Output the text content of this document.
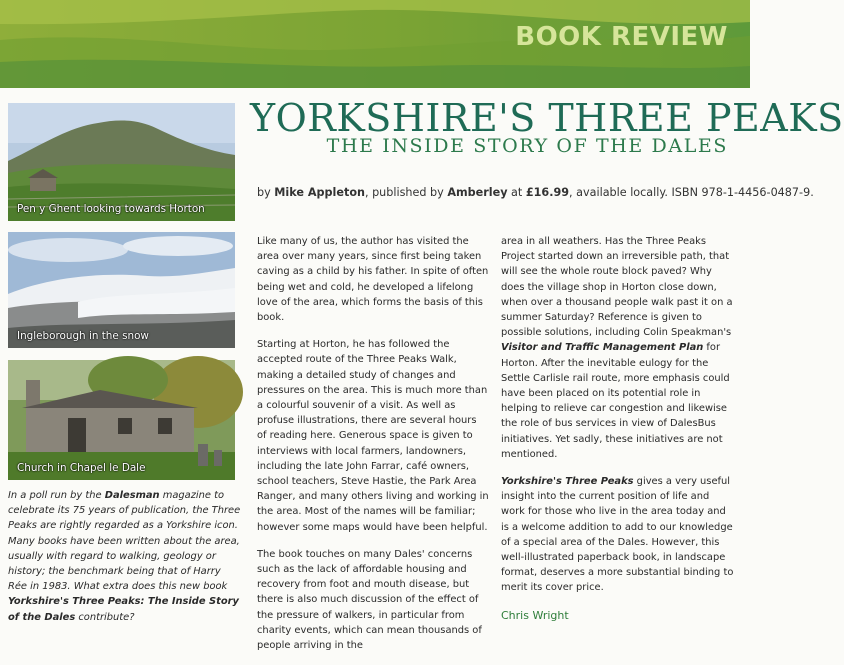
BOOK REVIEW
YORKSHIRE'S THREE PEAKS
THE INSIDE STORY OF THE DALES
by Mike Appleton, published by Amberley at £16.99, available locally. ISBN 978-1-4456-0487-9.
Pen y Ghent looking towards Horton
Ingleborough in the snow
Church in Chapel le Dale
In a poll run by the Dalesman magazine to celebrate its 75 years of publication, the Three Peaks are rightly regarded as a Yorkshire icon. Many books have been written about the area, usually with regard to walking, geology or history; the benchmark being that of Harry Rée in 1983. What extra does this new book Yorkshire's Three Peaks: The Inside Story of the Dales contribute?

Like many of us, the author has visited the area over many years, since first being taken caving as a child by his father. In spite of often being wet and cold, he developed a lifelong love of the area, which forms the basis of this book.

Starting at Horton, he has followed the accepted route of the Three Peaks Walk, making a detailed study of changes and pressures on the area. This is much more than a colourful souvenir of a visit. As well as profuse illustrations, there are several hours of reading here. Generous space is given to interviews with local farmers, landowners, including the late John Farrar, café owners, school teachers, Steve Hastie, the Park Area Ranger, and many others living and working in the area. Most of the names will be familiar; however some maps would have been helpful.

The book touches on many Dales' concerns such as the lack of affordable housing and recovery from foot and mouth disease, but there is also much discussion of the effect of the pressure of walkers, in particular from charity events, which can mean thousands of people arriving in the

area in all weathers. Has the Three Peaks Project started down an irreversible path, that will see the whole route block paved? Why does the village shop in Horton close down, when over a thousand people walk past it on a summer Saturday? Reference is given to possible solutions, including Colin Speakman's Visitor and Traffic Management Plan for Horton. After the inevitable eulogy for the Settle Carlisle rail route, more emphasis could have been placed on its potential role in helping to relieve car congestion and likewise the role of bus services in view of DalesBus initiatives. Yet sadly, these initiatives are not mentioned.

Yorkshire's Three Peaks gives a very useful insight into the current position of life and work for those who live in the area today and is a welcome addition to add to our knowledge of a special area of the Dales. However, this well-illustrated paperback book, in landscape format, deserves a more substantial binding to merit its cover price.

Chris Wright
